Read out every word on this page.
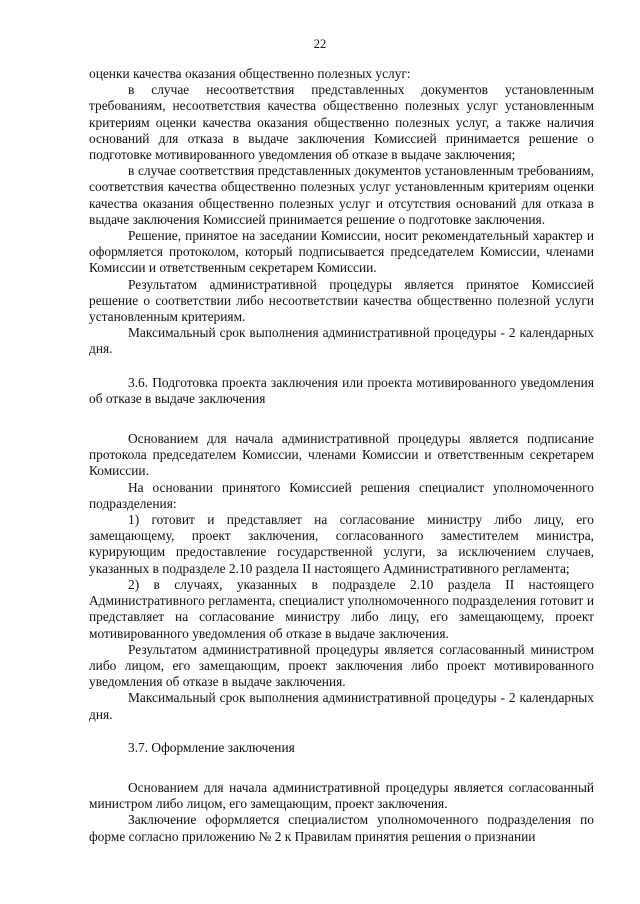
22

оценки качества оказания общественно полезных услуг:

в случае несоответствия представленных документов установленным требованиям, несоответствия качества общественно полезных услуг установленным критериям оценки качества оказания общественно полезных услуг, а также наличия оснований для отказа в выдаче заключения Комиссией принимается решение о подготовке мотивированного уведомления об отказе в выдаче заключения;

в случае соответствия представленных документов установленным требованиям, соответствия качества общественно полезных услуг установленным критериям оценки качества оказания общественно полезных услуг и отсутствия оснований для отказа в выдаче заключения Комиссией принимается решение о подготовке заключения.

Решение, принятое на заседании Комиссии, носит рекомендательный характер и оформляется протоколом, который подписывается председателем Комиссии, членами Комиссии и ответственным секретарем Комиссии.

Результатом административной процедуры является принятое Комиссией решение о соответствии либо несоответствии качества общественно полезной услуги установленным критериям.

Максимальный срок выполнения административной процедуры - 2 календарных дня.

3.6. Подготовка проекта заключения или проекта мотивированного уведомления об отказе в выдаче заключения

Основанием для начала административной процедуры является подписание протокола председателем Комиссии, членами Комиссии и ответственным секретарем Комиссии.

На основании принятого Комиссией решения специалист уполномоченного подразделения:

1) готовит и представляет на согласование министру либо лицу, его замещающему, проект заключения, согласованного заместителем министра, курирующим предоставление государственной услуги, за исключением случаев, указанных в подразделе 2.10 раздела II настоящего Административного регламента;

2) в случаях, указанных в подразделе 2.10 раздела II настоящего Административного регламента, специалист уполномоченного подразделения готовит и представляет на согласование министру либо лицу, его замещающему, проект мотивированного уведомления об отказе в выдаче заключения.

Результатом административной процедуры является согласованный министром либо лицом, его замещающим, проект заключения либо проект мотивированного уведомления об отказе в выдаче заключения.

Максимальный срок выполнения административной процедуры - 2 календарных дня.

3.7. Оформление заключения

Основанием для начала административной процедуры является согласованный министром либо лицом, его замещающим, проект заключения.

Заключение оформляется специалистом уполномоченного подразделения по форме согласно приложению № 2 к Правилам принятия решения о признании
